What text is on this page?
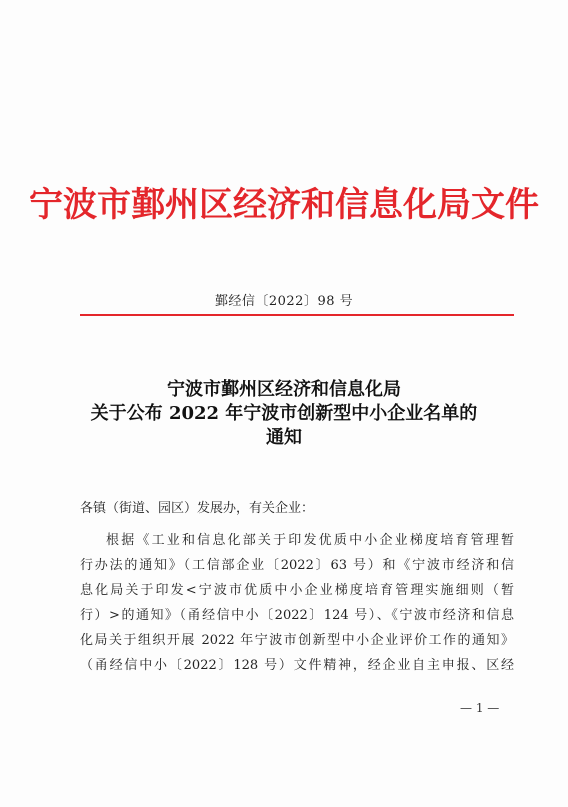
宁波市鄞州区经济和信息化局文件
鄞经信〔2022〕98 号
宁波市鄞州区经济和信息化局
关于公布 2022 年宁波市创新型中小企业名单的
通知
各镇（街道、园区）发展办，有关企业：
根据《工业和信息化部关于印发优质中小企业梯度培育管理暂
行办法的通知》（工信部企业〔2022〕63 号）和《宁波市经济和信
息化局关于印发<宁波市优质中小企业梯度培育管理实施细则（暂
行）>的通知》（甬经信中小〔2022〕124 号）、《宁波市经济和信息
化局关于组织开展 2022 年宁波市创新型中小企业评价工作的通知》
（甬经信中小〔2022〕128 号）文件精神，经企业自主申报、区经
— 1 —
